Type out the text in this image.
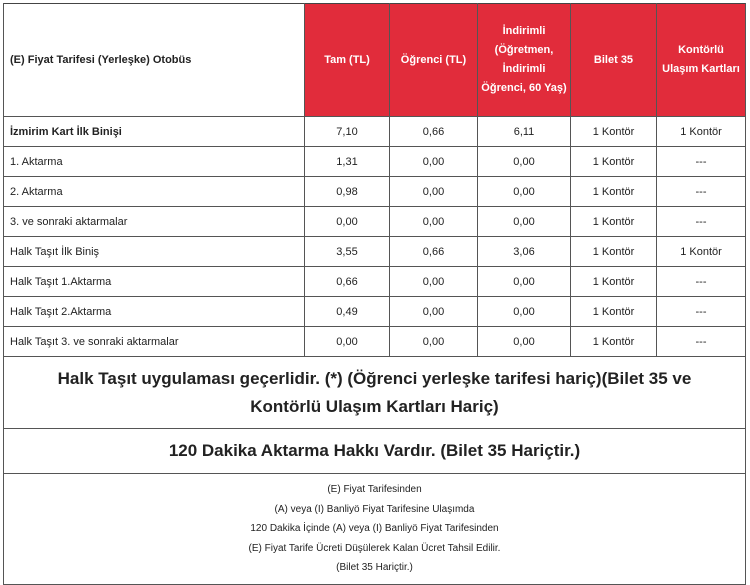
(E) Fiyat Tarifesi (Yerleşke) Otobüs	Tam (TL)	Öğrenci (TL)	İndirimli (Öğretmen, İndirimli Öğrenci, 60 Yaş)	Bilet 35	Kontörlü Ulaşım Kartları
İzmirim Kart İlk Binişi	7,10	0,66	6,11	1 Kontör	1 Kontör
1. Aktarma	1,31	0,00	0,00	1 Kontör	---
2. Aktarma	0,98	0,00	0,00	1 Kontör	---
3. ve sonraki aktarmalar	0,00	0,00	0,00	1 Kontör	---
Halk Taşıt İlk Biniş	3,55	0,66	3,06	1 Kontör	1 Kontör
Halk Taşıt 1.Aktarma	0,66	0,00	0,00	1 Kontör	---
Halk Taşıt 2.Aktarma	0,49	0,00	0,00	1 Kontör	---
Halk Taşıt 3. ve sonraki aktarmalar	0,00	0,00	0,00	1 Kontör	---
Halk Taşıt uygulaması geçerlidir. (*) (Öğrenci yerleşke tarifesi hariç)(Bilet 35 ve Kontörlü Ulaşım Kartları Hariç)					
120 Dakika Aktarma Hakkı Vardır. (Bilet 35 Hariçtir.)					

(E) Fiyat Tarifesinden
(A) veya (I) Banliyö Fiyat Tarifesine Ulaşımda
120 Dakika İçinde (A) veya (I) Banliyö Fiyat Tarifesinden
(E) Fiyat Tarife Ücreti Düşülerek Kalan Ücret Tahsil Edilir.
(Bilet 35 Hariçtir.)					
